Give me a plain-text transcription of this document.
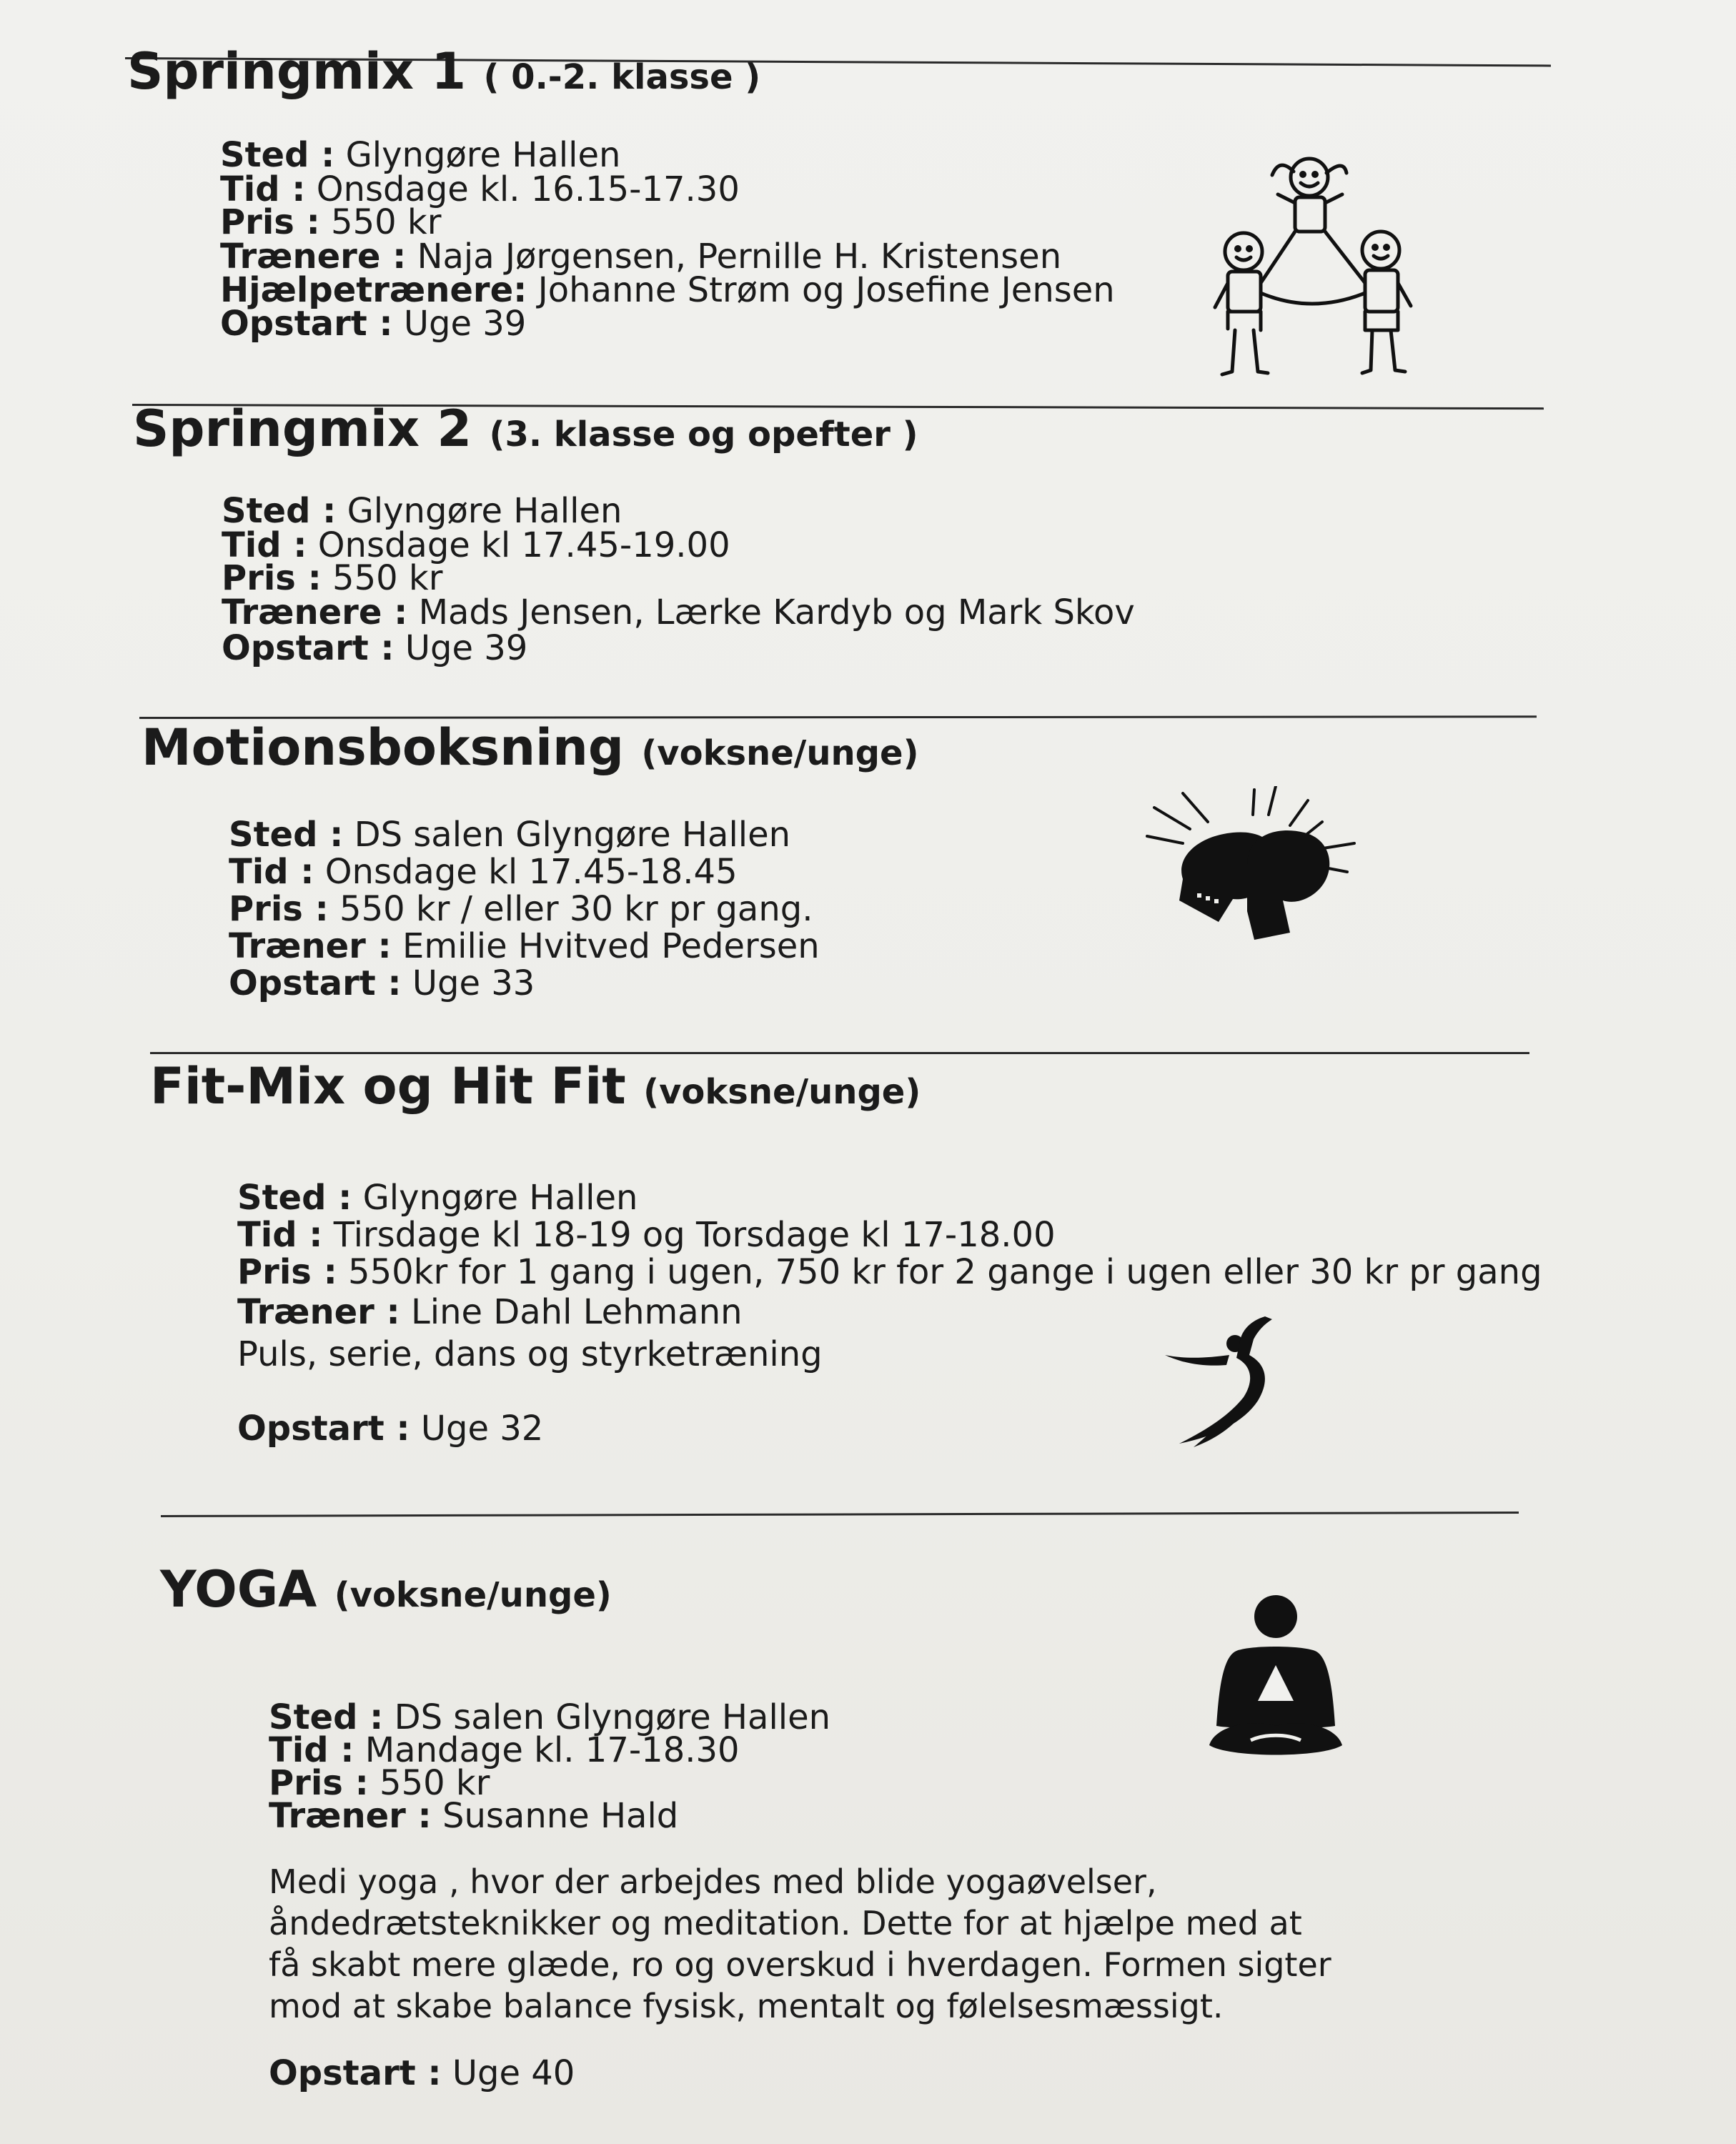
Springmix 1 ( 0.-2. klasse )
Sted : Glyngøre Hallen
Tid : Onsdage kl. 16.15-17.30
Pris : 550 kr
Trænere : Naja Jørgensen, Pernille H. Kristensen
Hjælpetrænere: Johanne Strøm og Josefine Jensen
Opstart : Uge 39
Springmix 2 (3. klasse og opefter )
Sted : Glyngøre Hallen
Tid : Onsdage kl 17.45-19.00
Pris : 550 kr
Trænere : Mads Jensen, Lærke Kardyb og Mark Skov
Opstart : Uge 39
Motionsboksning (voksne/unge)
Sted : DS salen Glyngøre Hallen
Tid : Onsdage kl 17.45-18.45
Pris : 550 kr / eller 30 kr pr gang.
Træner : Emilie Hvitved Pedersen
Opstart : Uge 33
Fit-Mix og Hit Fit (voksne/unge)
Sted : Glyngøre Hallen
Tid : Tirsdage kl 18-19 og Torsdage kl 17-18.00
Pris : 550kr for 1 gang i ugen, 750 kr for 2 gange i ugen eller 30 kr pr gang
Træner : Line Dahl Lehmann
Puls, serie, dans og styrketræning
Opstart : Uge 32
YOGA (voksne/unge)
Sted : DS salen Glyngøre Hallen
Tid : Mandage kl. 17-18.30
Pris : 550 kr
Træner : Susanne Hald
Medi yoga , hvor der arbejdes med blide yogaøvelser,
åndedrætsteknikker og meditation. Dette for at hjælpe med at
få skabt mere glæde, ro og overskud i hverdagen. Formen sigter
mod at skabe balance fysisk, mentalt og følelsesmæssigt.
Opstart : Uge 40
